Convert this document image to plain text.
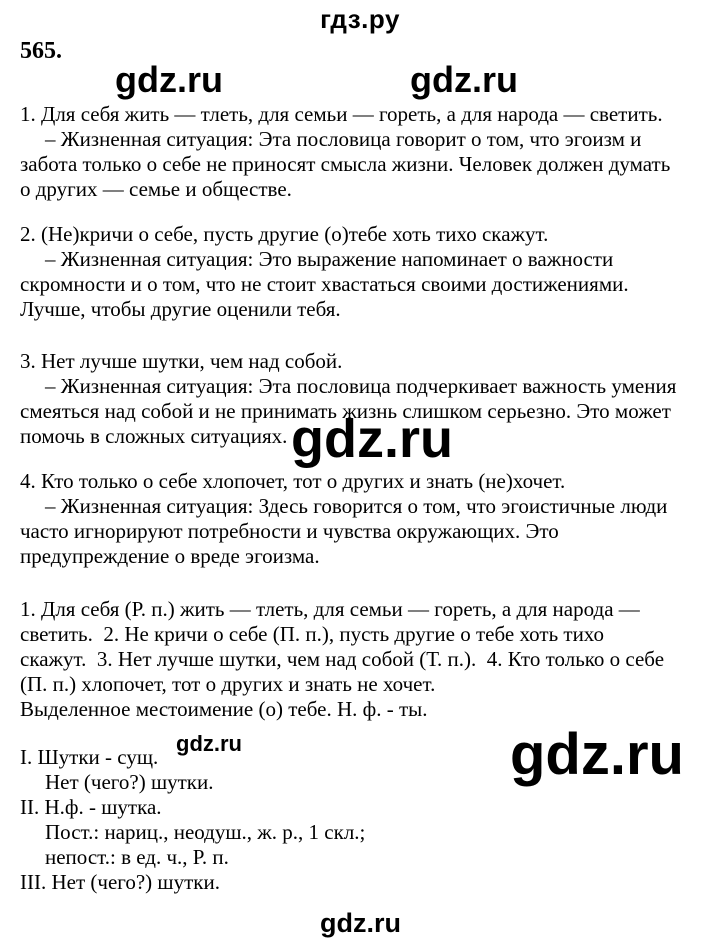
гдз.ру
565.
gdz.ru	gdz.ru
gdz.ru
gdz.ru	gdz.ru
gdz.ru
1. Для себя жить — тлеть, для семьи — гореть, а для народа — светить.
– Жизненная ситуация: Эта пословица говорит о том, что эгоизм и
забота только о себе не приносят смысла жизни. Человек должен думать
о других — семье и обществе.
2. (Не)кричи о себе, пусть другие (о)тебе хоть тихо скажут.
– Жизненная ситуация: Это выражение напоминает о важности
скромности и о том, что не стоит хвастаться своими достижениями.
Лучше, чтобы другие оценили тебя.
3. Нет лучше шутки, чем над собой.
– Жизненная ситуация: Эта пословица подчеркивает важность умения
смеяться над собой и не принимать жизнь слишком серьезно. Это может
помочь в сложных ситуациях.
4. Кто только о себе хлопочет, тот о других и знать (не)хочет.
– Жизненная ситуация: Здесь говорится о том, что эгоистичные люди
часто игнорируют потребности и чувства окружающих. Это
предупреждение о вреде эгоизма.
1. Для себя (Р. п.) жить — тлеть, для семьи — гореть, а для народа —
светить.  2. Не кричи о себе (П. п.), пусть другие о тебе хоть тихо
скажут.  3. Нет лучше шутки, чем над собой (Т. п.).  4. Кто только о себе
(П. п.) хлопочет, тот о других и знать не хочет.
Выделенное местоимение (о) тебе. Н. ф. - ты.
I. Шутки - сущ.
Нет (чего?) шутки.
II. Н.ф. - шутка.
Пост.: нариц., неодуш., ж. р., 1 скл.;
непост.: в ед. ч., Р. п.
III. Нет (чего?) шутки.
